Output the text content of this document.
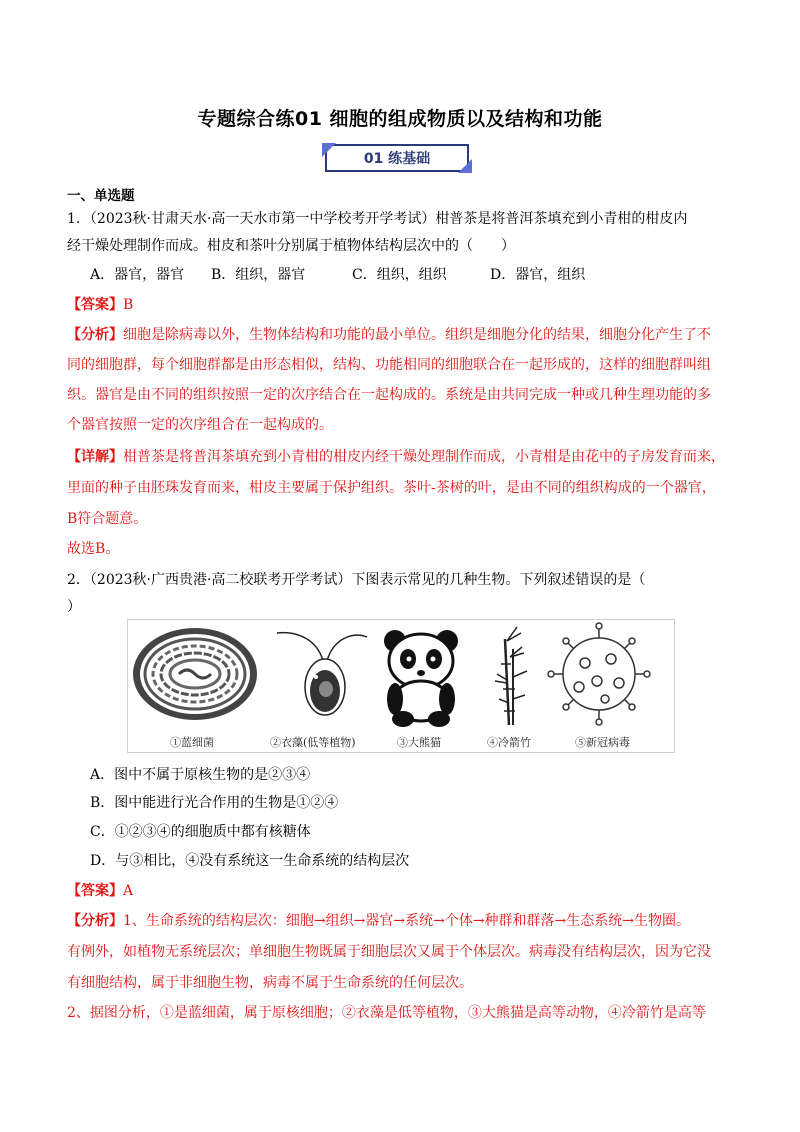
专题综合练01 细胞的组成物质以及结构和功能
01 练基础
一、单选题
1．（2023秋·甘肃天水·高一天水市第一中学校考开学考试）柑普茶是将普洱茶填充到小青柑的柑皮内
经干燥处理制作而成。柑皮和茶叶分别属于植物体结构层次中的（　　）
A．器官，器官 B．组织，器官	C．组织，组织	D．器官，组织
【答案】B
【分析】细胞是除病毒以外，生物体结构和功能的最小单位。组织是细胞分化的结果，细胞分化产生了不
同的细胞群，每个细胞群都是由形态相似，结构、功能相同的细胞联合在一起形成的，这样的细胞群叫组
织。器官是由不同的组织按照一定的次序结合在一起构成的。系统是由共同完成一种或几种生理功能的多
个器官按照一定的次序组合在一起构成的。
【详解】柑普茶是将普洱茶填充到小青柑的柑皮内经干燥处理制作而成，小青柑是由花中的子房发育而来，
里面的种子由胚珠发育而来，柑皮主要属于保护组织。茶叶-茶树的叶，是由不同的组织构成的一个器官，
B符合题意。
故选B。
2．（2023秋·广西贵港·高二校联考开学考试）下图表示常见的几种生物。下列叙述错误的是（
）
①蓝细菌	②衣藻(低等植物)	③大熊猫	④冷箭竹	⑤新冠病毒
A．图中不属于原核生物的是②③④
B．图中能进行光合作用的生物是①②④
C．①②③④的细胞质中都有核糖体
D．与③相比，④没有系统这一生命系统的结构层次
【答案】A
【分析】1、生命系统的结构层次：细胞→组织→器官→系统→个体→种群和群落→生态系统→生物圈。
有例外，如植物无系统层次；单细胞生物既属于细胞层次又属于个体层次。病毒没有结构层次，因为它没
有细胞结构，属于非细胞生物，病毒不属于生命系统的任何层次。
2、据图分析，①是蓝细菌，属于原核细胞；②衣藻是低等植物，③大熊猫是高等动物，④冷箭竹是高等
